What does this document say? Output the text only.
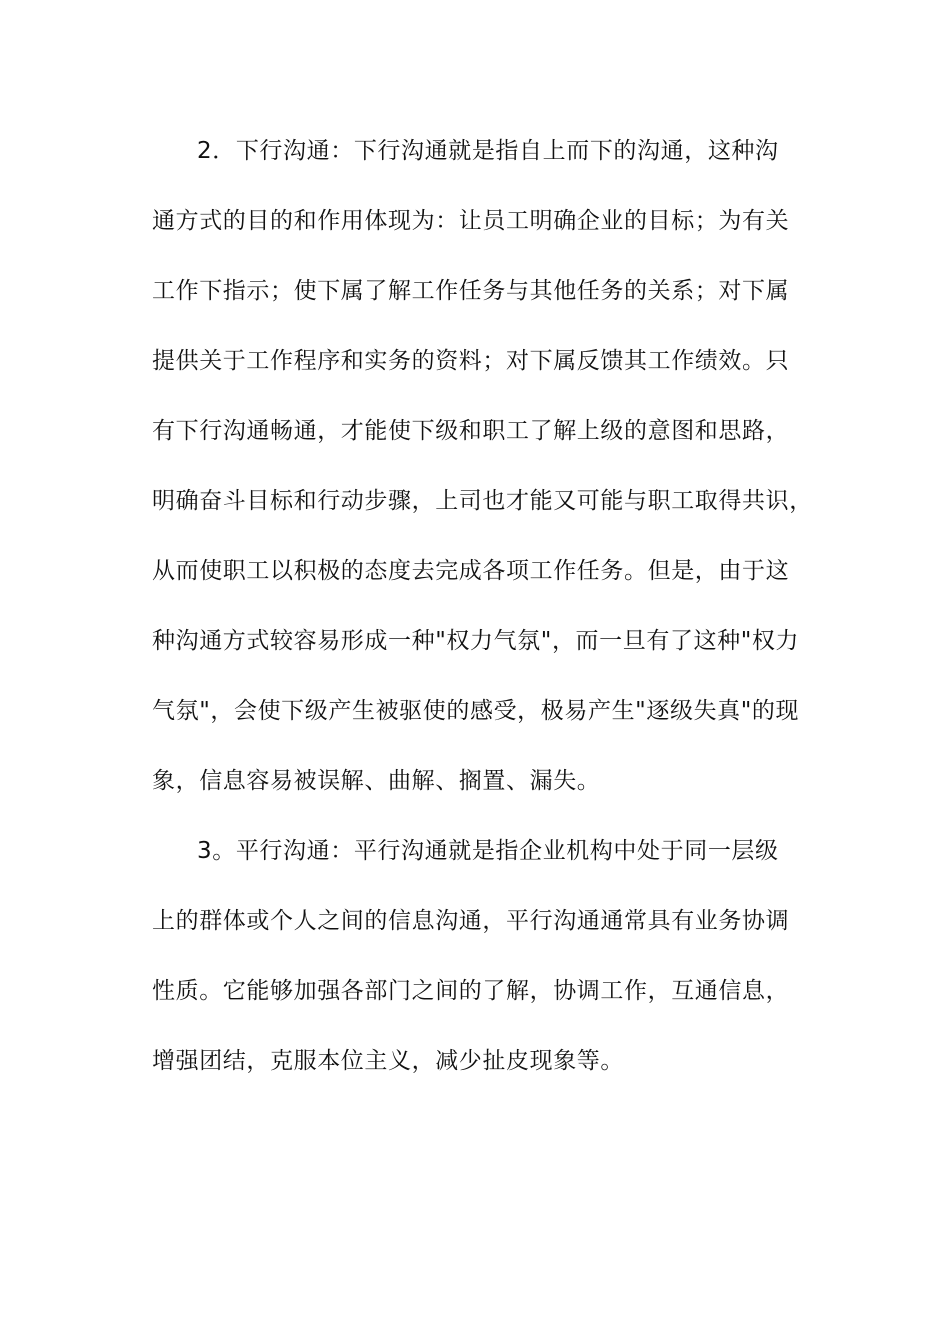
2．下行沟通：下行沟通就是指自上而下的沟通，这种沟
通方式的目的和作用体现为：让员工明确企业的目标；为有关
工作下指示；使下属了解工作任务与其他任务的关系；对下属
提供关于工作程序和实务的资料；对下属反馈其工作绩效。只
有下行沟通畅通，才能使下级和职工了解上级的意图和思路，
明确奋斗目标和行动步骤，上司也才能又可能与职工取得共识，
从而使职工以积极的态度去完成各项工作任务。但是，由于这
种沟通方式较容易形成一种"权力气氛"，而一旦有了这种"权力
气氛"，会使下级产生被驱使的感受，极易产生"逐级失真"的现
象，信息容易被误解、曲解、搁置、漏失。
3。平行沟通：平行沟通就是指企业机构中处于同一层级
上的群体或个人之间的信息沟通，平行沟通通常具有业务协调
性质。它能够加强各部门之间的了解，协调工作，互通信息，
增强团结，克服本位主义，减少扯皮现象等。
